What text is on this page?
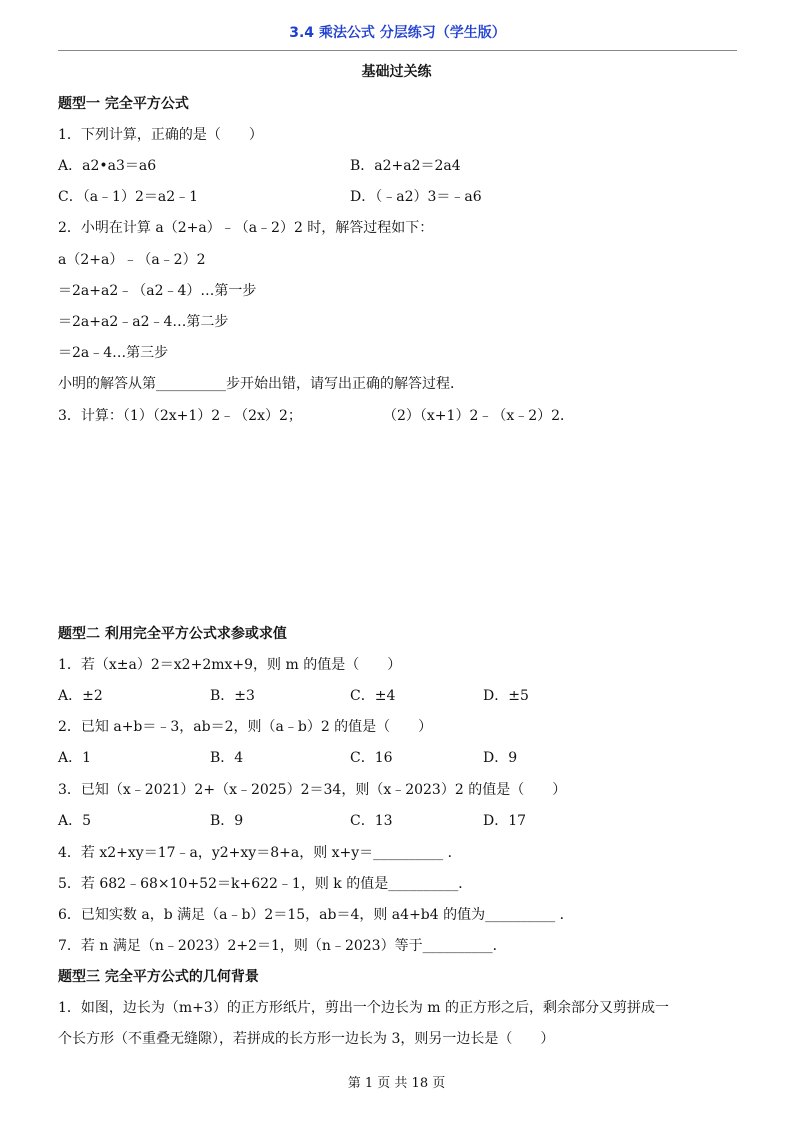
3.4 乘法公式 分层练习（学生版）
基础过关练
题型一 完全平方公式
1．下列计算，正确的是（　　）
A．a2•a3＝a6	B．a2+a2＝2a4
C．（a﹣1）2＝a2﹣1	D．（﹣a2）3＝﹣a6
2．小明在计算 a（2+a）﹣（a﹣2）2 时，解答过程如下：
a（2+a）﹣（a﹣2）2
＝2a+a2﹣（a2﹣4）…第一步
＝2a+a2﹣a2﹣4…第二步
＝2a﹣4…第三步
小明的解答从第__________步开始出错，请写出正确的解答过程．
3．计算：（1）（2x+1）2﹣（2x）2；	（2）（x+1）2﹣（x﹣2）2．
题型二 利用完全平方公式求参或求值
1．若（x±a）2＝x2+2mx+9，则 m 的值是（　　）
A．±2	B．±3	C．±4	D．±5
2．已知 a+b＝﹣3，ab＝2，则（a﹣b）2 的值是（　　）
A．1	B．4	C．16	D．9
3．已知（x﹣2021）2+（x﹣2025）2＝34，则（x﹣2023）2 的值是（　　）
A．5	B．9	C．13	D．17
4．若 x2+xy＝17﹣a，y2+xy＝8+a，则 x+y＝__________ ．
5．若 682﹣68×10+52＝k+622﹣1，则 k 的值是__________．
6．已知实数 a，b 满足（a﹣b）2＝15，ab＝4，则 a4+b4 的值为__________ ．
7．若 n 满足（n﹣2023）2+2＝1，则（n﹣2023）等于__________．
题型三 完全平方公式的几何背景
1．如图，边长为（m+3）的正方形纸片，剪出一个边长为 m 的正方形之后，剩余部分又剪拼成一
个长方形（不重叠无缝隙），若拼成的长方形一边长为 3，则另一边长是（　　）
第 1 页 共 18 页
